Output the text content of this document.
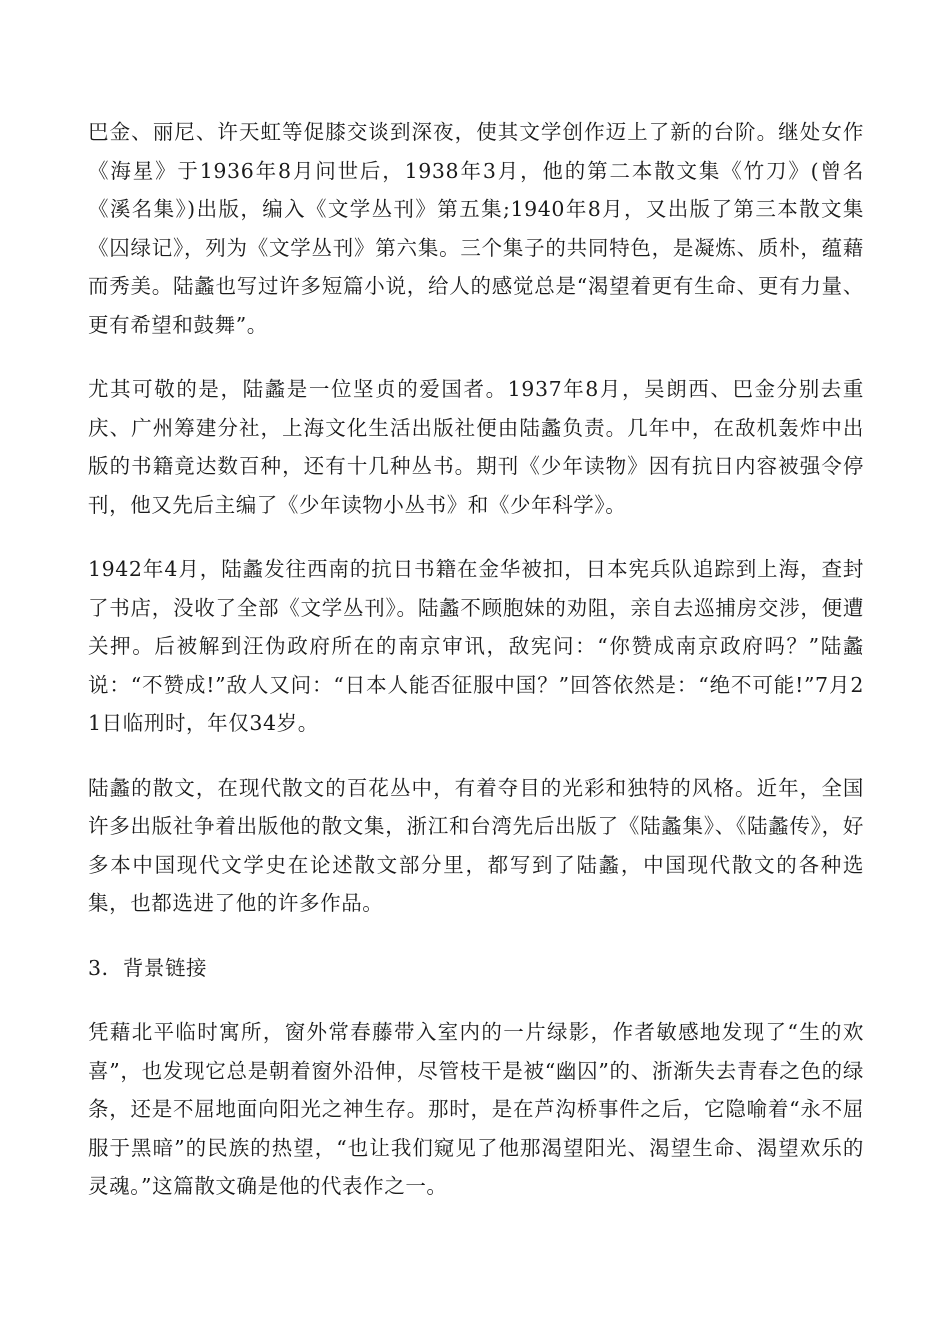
巴金、丽尼、许天虹等促膝交谈到深夜，使其文学创作迈上了新的台阶。继处女作《海星》于1936年8月问世后，1938年3月，他的第二本散文集《竹刀》(曾名《溪名集》)出版，编入《文学丛刊》第五集;1940年8月，又出版了第三本散文集《囚绿记》，列为《文学丛刊》第六集。三个集子的共同特色，是凝炼、质朴，蕴藉而秀美。陆蠡也写过许多短篇小说，给人的感觉总是“渴望着更有生命、更有力量、更有希望和鼓舞”。

尤其可敬的是，陆蠡是一位坚贞的爱国者。1937年8月，吴朗西、巴金分别去重庆、广州筹建分社，上海文化生活出版社便由陆蠡负责。几年中，在敌机轰炸中出版的书籍竟达数百种，还有十几种丛书。期刊《少年读物》因有抗日内容被强令停刊，他又先后主编了《少年读物小丛书》和《少年科学》。

1942年4月，陆蠡发往西南的抗日书籍在金华被扣，日本宪兵队追踪到上海，查封了书店，没收了全部《文学丛刊》。陆蠡不顾胞妹的劝阻，亲自去巡捕房交涉，便遭关押。后被解到汪伪政府所在的南京审讯，敌宪问：“你赞成南京政府吗？”陆蠡说：“不赞成!”敌人又问：“日本人能否征服中国？”回答依然是：“绝不可能!”7月21日临刑时，年仅34岁。

陆蠡的散文，在现代散文的百花丛中，有着夺目的光彩和独特的风格。近年，全国许多出版社争着出版他的散文集，浙江和台湾先后出版了《陆蠡集》、《陆蠡传》，好多本中国现代文学史在论述散文部分里，都写到了陆蠡，中国现代散文的各种选集，也都选进了他的许多作品。

3．背景链接

凭藉北平临时寓所，窗外常春藤带入室内的一片绿影，作者敏感地发现了“生的欢喜”，也发现它总是朝着窗外沿伸，尽管枝干是被“幽囚”的、浙渐失去青春之色的绿条，还是不屈地面向阳光之神生存。那时，是在芦沟桥事件之后，它隐喻着“永不屈服于黑暗”的民族的热望，“也让我们窥见了他那渴望阳光、渴望生命、渴望欢乐的灵魂。”这篇散文确是他的代表作之一。
